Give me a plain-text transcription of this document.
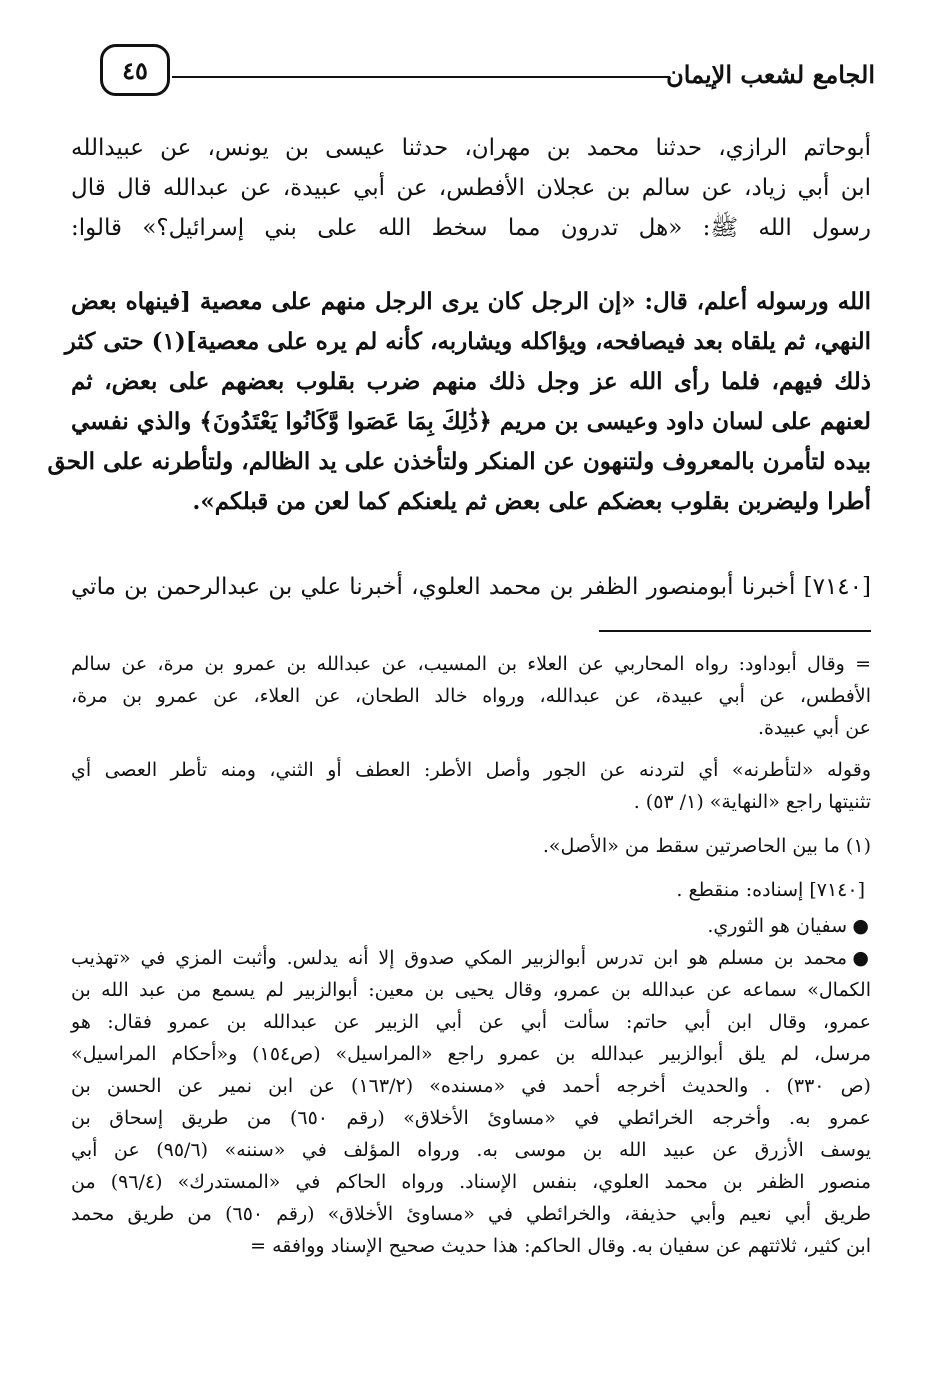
الجامع لشعب الإيمان
٤٥
أبوحاتم الرازي، حدثنا محمد بن مهران، حدثنا عيسى بن يونس، عن عبيدالله
ابن أبي زياد، عن سالم بن عجلان الأفطس، عن أبي عبيدة، عن عبدالله قال قال
رسول الله ﷺ: «هل تدرون مما سخط الله على بني إسرائيل؟» قالوا:
الله ورسوله أعلم، قال: «إن الرجل كان يرى الرجل منهم على معصية [فينهاه بعض
النهي، ثم يلقاه بعد فيصافحه، ويؤاكله ويشاربه، كأنه لم يره على معصية](١) حتى كثر
ذلك فيهم، فلما رأى الله عز وجل ذلك منهم ضرب بقلوب بعضهم على بعض، ثم
لعنهم على لسان داود وعيسى بن مريم ﴿ذَٰلِكَ بِمَا عَصَوا وَّكَانُوا يَعْتَدُونَ﴾ والذي نفسي
بيده لتأمرن بالمعروف ولتنهون عن المنكر ولتأخذن على يد الظالم، ولتأطرنه على الحق
أطرا وليضربن بقلوب بعضكم على بعض ثم يلعنكم كما لعن من قبلكم».
[٧١٤٠] أخبرنا أبومنصور الظفر بن محمد العلوي، أخبرنا علي بن عبدالرحمن بن ماتي
= وقال أبوداود: رواه المحاربي عن العلاء بن المسيب، عن عبدالله بن عمرو بن مرة، عن سالم
الأفطس، عن أبي عبيدة، عن عبدالله، ورواه خالد الطحان، عن العلاء، عن عمرو بن مرة،
عن أبي عبيدة.
وقوله «لتأطرنه» أي لتردنه عن الجور وأصل الأطر: العطف أو الثني، ومنه تأطر العصى أي
تثنيتها راجع «النهاية» (١/ ٥٣) .
(١) ما بين الحاصرتين سقط من «الأصل».
[٧١٤٠] إسناده: منقطع .
●
سفيان هو الثوري.
●
محمد بن مسلم هو ابن تدرس أبوالزبير المكي صدوق إلا أنه يدلس. وأثبت المزي في «تهذيب
الكمال» سماعه عن عبدالله بن عمرو، وقال يحيى بن معين: أبوالزبير لم يسمع من عبد الله بن
عمرو، وقال ابن أبي حاتم: سألت أبي عن أبي الزبير عن عبدالله بن عمرو فقال: هو
مرسل، لم يلق أبوالزبير عبدالله بن عمرو راجع «المراسيل» (ص١٥٤) و«أحكام المراسيل»
(ص ٣٣٠) . والحديث أخرجه أحمد في «مسنده» (١٦٣/٢) عن ابن نمير عن الحسن بن
عمرو به. وأخرجه الخرائطي في «مساوئ الأخلاق» (رقم ٦٥٠) من طريق إسحاق بن
يوسف الأزرق عن عبيد الله بن موسى به. ورواه المؤلف في «سننه» (٩٥/٦) عن أبي
منصور الظفر بن محمد العلوي، بنفس الإسناد. ورواه الحاكم في «المستدرك» (٩٦/٤) من
طريق أبي نعيم وأبي حذيفة، والخرائطي في «مساوئ الأخلاق» (رقم ٦٥٠) من طريق محمد
ابن كثير، ثلاثتهم عن سفيان به. وقال الحاكم: هذا حديث صحيح الإسناد ووافقه =
